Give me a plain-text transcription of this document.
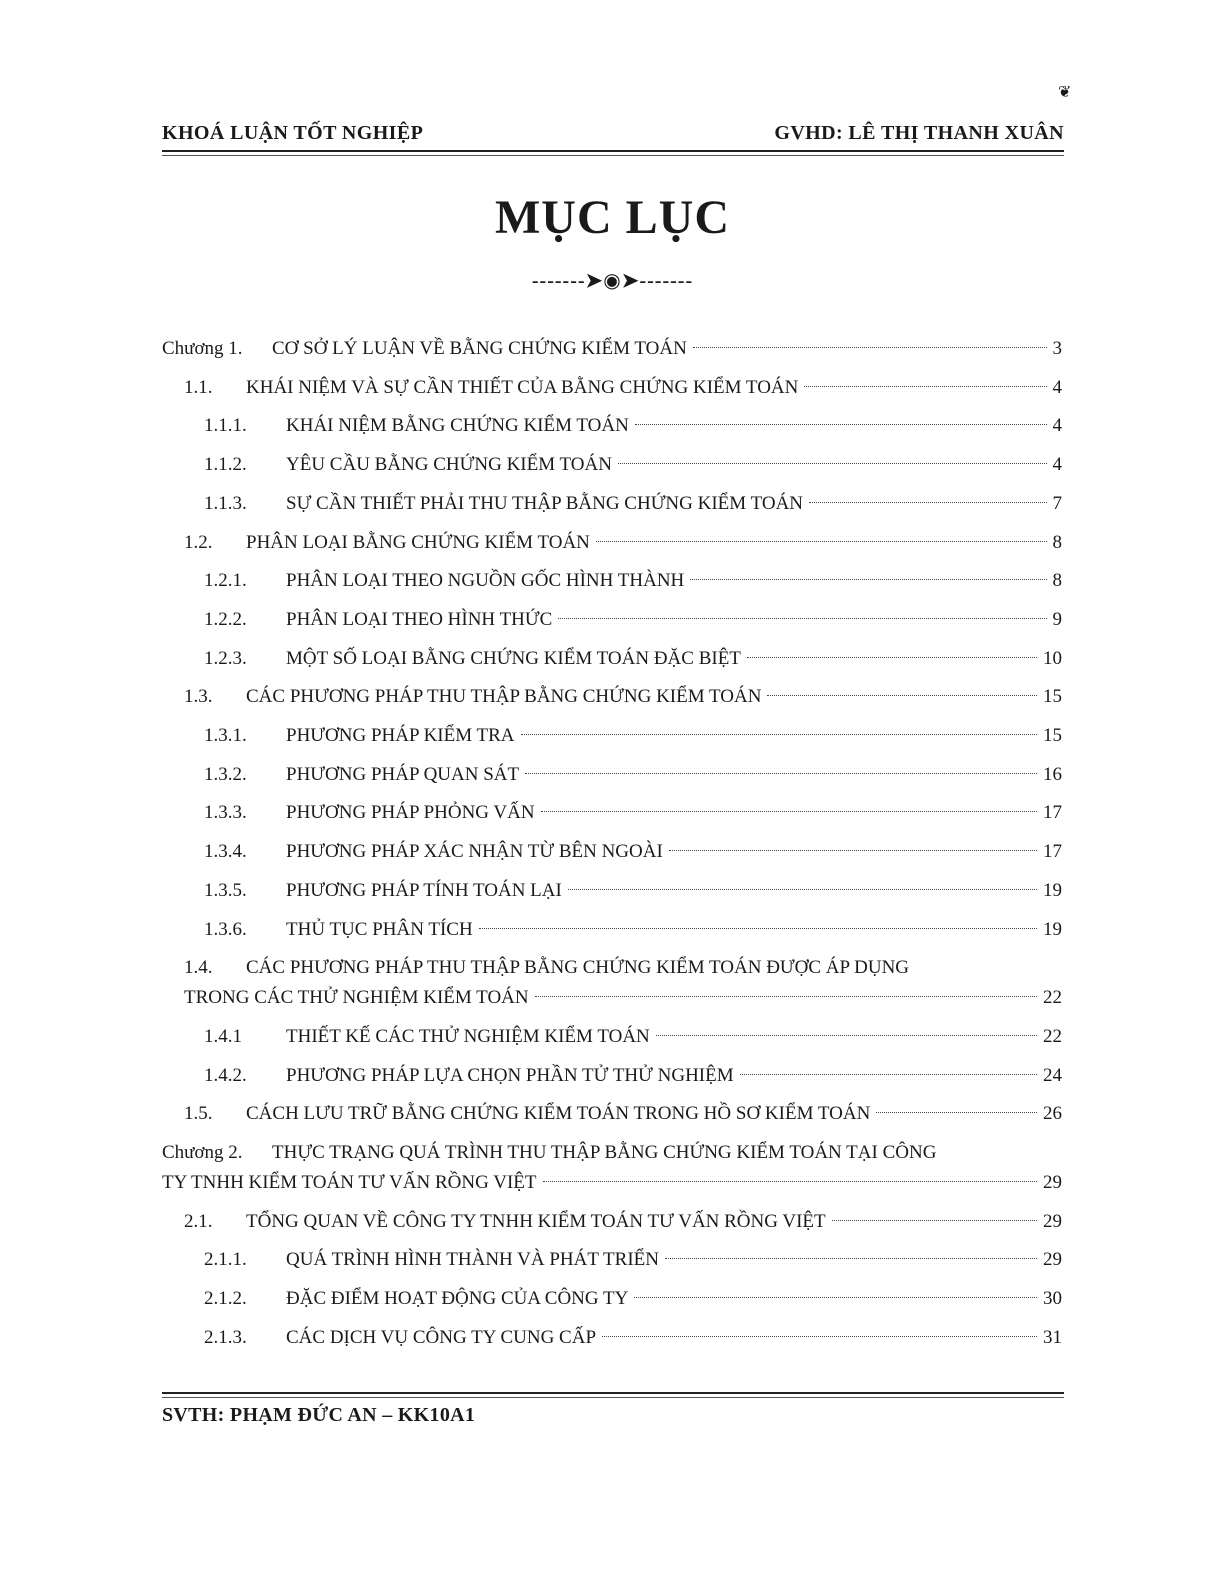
❦
KHOÁ LUẬN TỐT NGHIỆP	GVHD: LÊ THỊ THANH XUÂN
MỤC LỤC
-------➤◉➤-------
Chương 1.	CƠ SỞ LÝ LUẬN VỀ BẰNG CHỨNG KIỂM TOÁN	3
1.1.	KHÁI NIỆM VÀ SỰ CẦN THIẾT CỦA BẰNG CHỨNG KIỂM TOÁN	4
1.1.1.	KHÁI NIỆM BẰNG CHỨNG KIỂM TOÁN	4
1.1.2.	YÊU CẦU BẰNG CHỨNG KIỂM TOÁN	4
1.1.3.	SỰ CẦN THIẾT PHẢI THU THẬP BẰNG CHỨNG KIỂM TOÁN	7
1.2.	PHÂN LOẠI BẰNG CHỨNG KIỂM TOÁN	8
1.2.1.	PHÂN LOẠI THEO NGUỒN GỐC HÌNH THÀNH	8
1.2.2.	PHÂN LOẠI THEO HÌNH THỨC	9
1.2.3.	MỘT SỐ LOẠI BẰNG CHỨNG KIỂM TOÁN ĐẶC BIỆT	10
1.3.	CÁC PHƯƠNG PHÁP THU THẬP BẰNG CHỨNG KIỂM TOÁN	15
1.3.1.	PHƯƠNG PHÁP KIỂM TRA	15
1.3.2.	PHƯƠNG PHÁP QUAN SÁT	16
1.3.3.	PHƯƠNG PHÁP PHỎNG VẤN	17
1.3.4.	PHƯƠNG PHÁP XÁC NHẬN TỪ BÊN NGOÀI	17
1.3.5.	PHƯƠNG PHÁP TÍNH TOÁN LẠI	19
1.3.6.	THỦ TỤC PHÂN TÍCH	19
1.4. CÁC PHƯƠNG PHÁP THU THẬP BẰNG CHỨNG KIỂM TOÁN ĐƯỢC ÁP DỤNG
TRONG CÁC THỬ NGHIỆM KIỂM TOÁN	22
1.4.1	THIẾT KẾ CÁC THỬ NGHIỆM KIỂM TOÁN	22
1.4.2.	PHƯƠNG PHÁP LỰA CHỌN PHẦN TỬ THỬ NGHIỆM	24
1.5.	CÁCH LƯU TRỮ BẰNG CHỨNG KIỂM TOÁN TRONG HỒ SƠ KIỂM TOÁN	26
Chương 2. THỰC TRẠNG QUÁ TRÌNH THU THẬP BẰNG CHỨNG KIỂM TOÁN TẠI CÔNG
TY TNHH KIỂM TOÁN TƯ VẤN RỒNG VIỆT	29
2.1.	TỔNG QUAN VỀ CÔNG TY TNHH KIỂM TOÁN TƯ VẤN RỒNG VIỆT	29
2.1.1.	QUÁ TRÌNH HÌNH THÀNH VÀ PHÁT TRIỂN	29
2.1.2.	ĐẶC ĐIỂM HOẠT ĐỘNG CỦA CÔNG TY	30
2.1.3.	CÁC DỊCH VỤ CÔNG TY CUNG CẤP	31
SVTH: PHẠM ĐỨC AN – KK10A1
